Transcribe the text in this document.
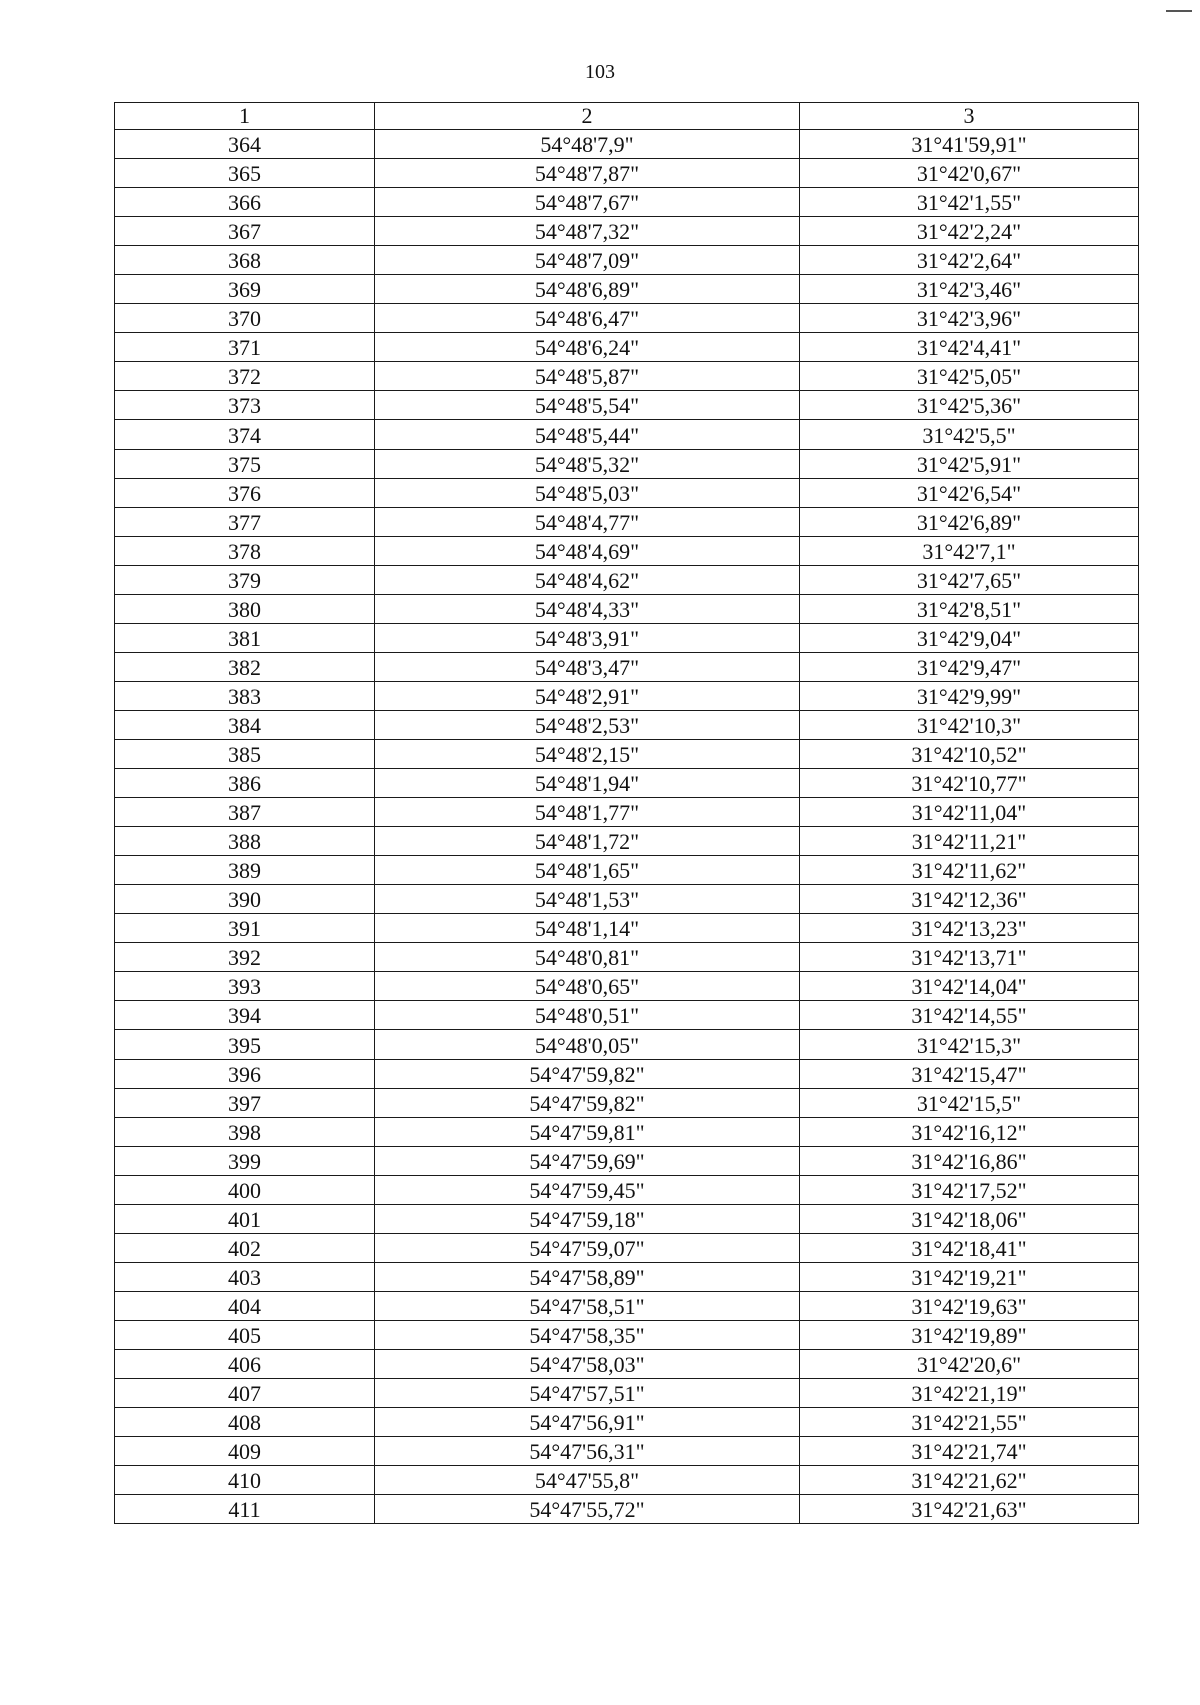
103
1	2	3
364	54°48'7,9"	31°41'59,91"
365	54°48'7,87"	31°42'0,67"
366	54°48'7,67"	31°42'1,55"
367	54°48'7,32"	31°42'2,24"
368	54°48'7,09"	31°42'2,64"
369	54°48'6,89"	31°42'3,46"
370	54°48'6,47"	31°42'3,96"
371	54°48'6,24"	31°42'4,41"
372	54°48'5,87"	31°42'5,05"
373	54°48'5,54"	31°42'5,36"
374	54°48'5,44"	31°42'5,5"
375	54°48'5,32"	31°42'5,91"
376	54°48'5,03"	31°42'6,54"
377	54°48'4,77"	31°42'6,89"
378	54°48'4,69"	31°42'7,1"
379	54°48'4,62"	31°42'7,65"
380	54°48'4,33"	31°42'8,51"
381	54°48'3,91"	31°42'9,04"
382	54°48'3,47"	31°42'9,47"
383	54°48'2,91"	31°42'9,99"
384	54°48'2,53"	31°42'10,3"
385	54°48'2,15"	31°42'10,52"
386	54°48'1,94"	31°42'10,77"
387	54°48'1,77"	31°42'11,04"
388	54°48'1,72"	31°42'11,21"
389	54°48'1,65"	31°42'11,62"
390	54°48'1,53"	31°42'12,36"
391	54°48'1,14"	31°42'13,23"
392	54°48'0,81"	31°42'13,71"
393	54°48'0,65"	31°42'14,04"
394	54°48'0,51"	31°42'14,55"
395	54°48'0,05"	31°42'15,3"
396	54°47'59,82"	31°42'15,47"
397	54°47'59,82"	31°42'15,5"
398	54°47'59,81"	31°42'16,12"
399	54°47'59,69"	31°42'16,86"
400	54°47'59,45"	31°42'17,52"
401	54°47'59,18"	31°42'18,06"
402	54°47'59,07"	31°42'18,41"
403	54°47'58,89"	31°42'19,21"
404	54°47'58,51"	31°42'19,63"
405	54°47'58,35"	31°42'19,89"
406	54°47'58,03"	31°42'20,6"
407	54°47'57,51"	31°42'21,19"
408	54°47'56,91"	31°42'21,55"
409	54°47'56,31"	31°42'21,74"
410	54°47'55,8"	31°42'21,62"
411	54°47'55,72"	31°42'21,63"
